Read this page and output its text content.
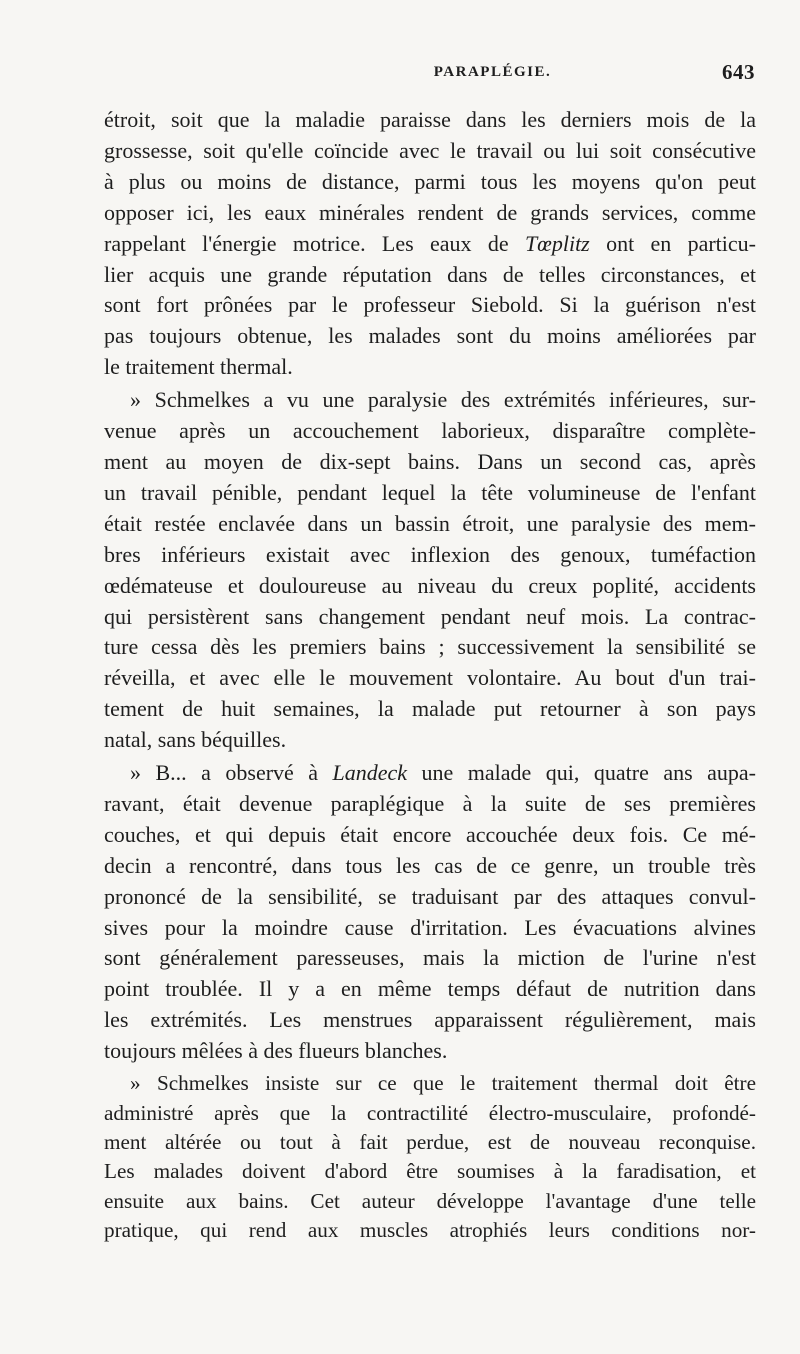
PARAPLÉGIE.	643

étroit, soit que la maladie paraisse dans les derniers mois de la
grossesse, soit qu'elle coïncide avec le travail ou lui soit consécutive
à plus ou moins de distance, parmi tous les moyens qu'on peut
opposer ici, les eaux minérales rendent de grands services, comme
rappelant l'énergie motrice. Les eaux de Tœplitz ont en particu-
lier acquis une grande réputation dans de telles circonstances, et
sont fort prônées par le professeur Siebold. Si la guérison n'est
pas toujours obtenue, les malades sont du moins améliorées par
le traitement thermal.

» Schmelkes a vu une paralysie des extrémités inférieures, sur-
venue après un accouchement laborieux, disparaître complète-
ment au moyen de dix-sept bains. Dans un second cas, après
un travail pénible, pendant lequel la tête volumineuse de l'enfant
était restée enclavée dans un bassin étroit, une paralysie des mem-
bres inférieurs existait avec inflexion des genoux, tuméfaction
œdémateuse et douloureuse au niveau du creux poplité, accidents
qui persistèrent sans changement pendant neuf mois. La contrac-
ture cessa dès les premiers bains ; successivement la sensibilité se
réveilla, et avec elle le mouvement volontaire. Au bout d'un trai-
tement de huit semaines, la malade put retourner à son pays
natal, sans béquilles.

» B... a observé à Landeck une malade qui, quatre ans aupa-
ravant, était devenue paraplégique à la suite de ses premières
couches, et qui depuis était encore accouchée deux fois. Ce mé-
decin a rencontré, dans tous les cas de ce genre, un trouble très
prononcé de la sensibilité, se traduisant par des attaques convul-
sives pour la moindre cause d'irritation. Les évacuations alvines
sont généralement paresseuses, mais la miction de l'urine n'est
point troublée. Il y a en même temps défaut de nutrition dans
les extrémités. Les menstrues apparaissent régulièrement, mais
toujours mêlées à des flueurs blanches.

» Schmelkes insiste sur ce que le traitement thermal doit être
administré après que la contractilité électro-musculaire, profondé-
ment altérée ou tout à fait perdue, est de nouveau reconquise.
Les malades doivent d'abord être soumises à la faradisation, et
ensuite aux bains. Cet auteur développe l'avantage d'une telle
pratique, qui rend aux muscles atrophiés leurs conditions nor-
